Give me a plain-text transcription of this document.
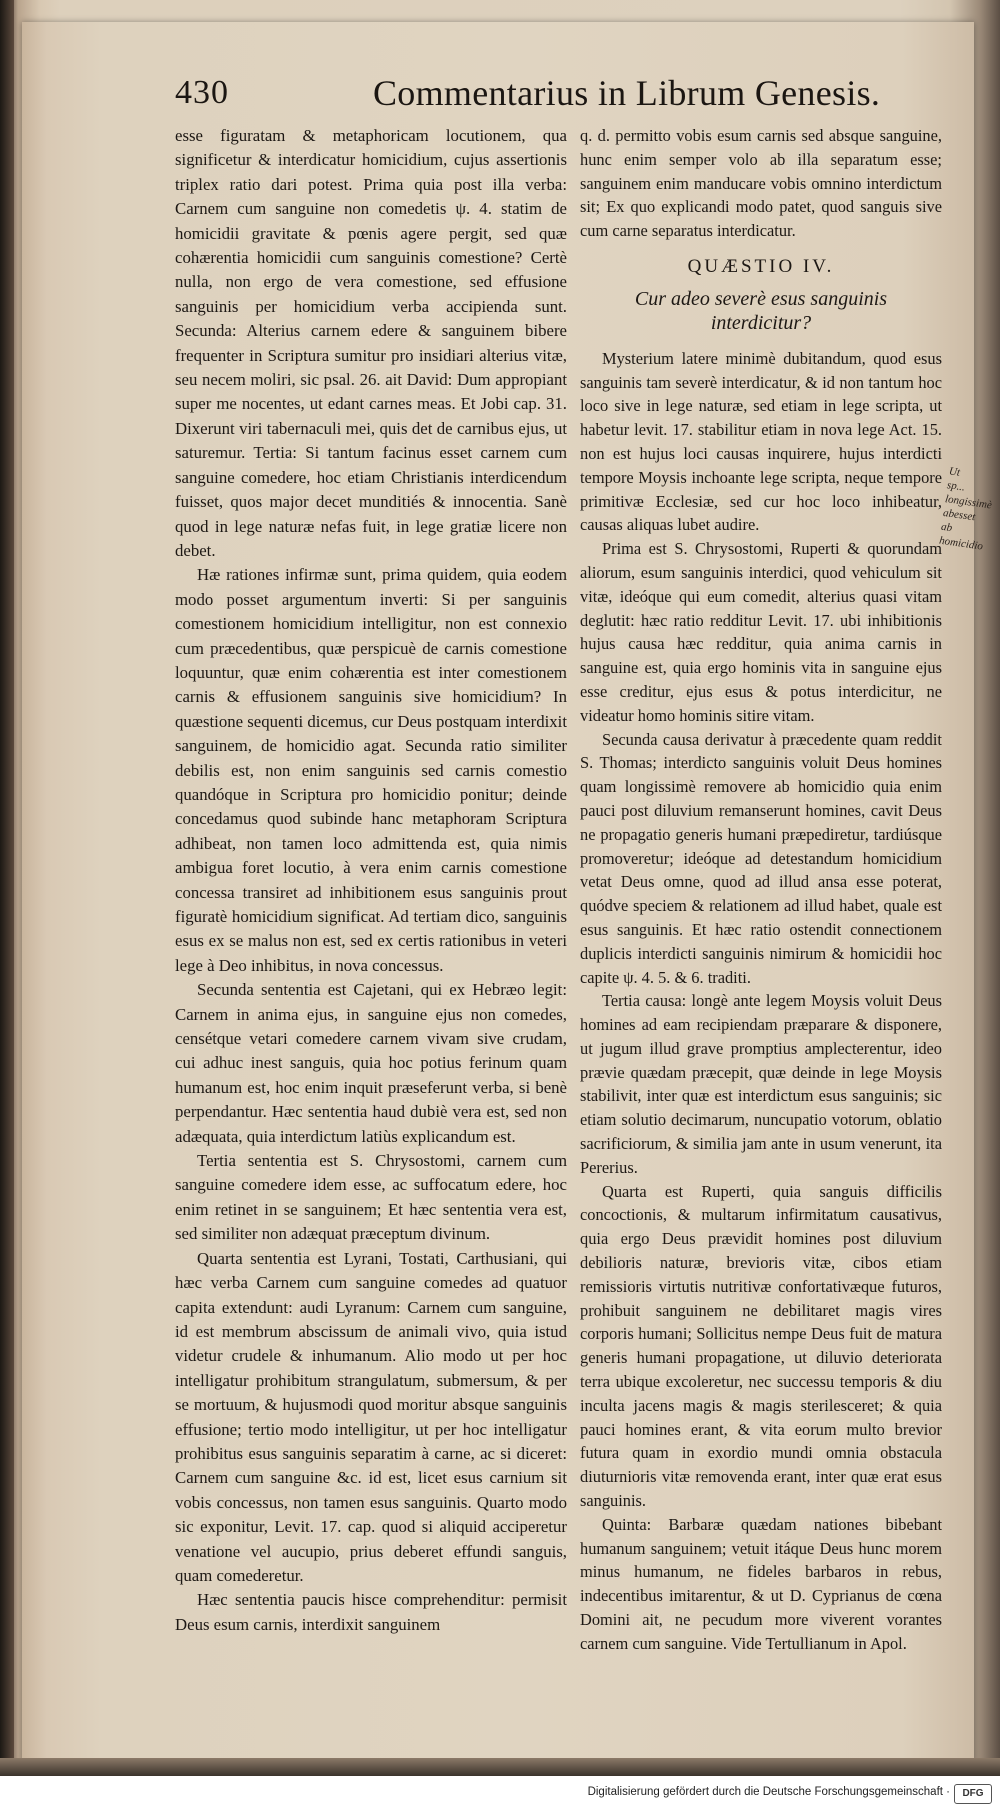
430	Commentarius in Librum Genesis.

esse figuratam & metaphoricam locutionem, qua significetur & interdicatur homicidium, cujus assertionis triplex ratio dari potest. Prima quia post illa verba: Carnem cum sanguine non comedetis ψ. 4. statim de homicidii gravitate & pœnis agere pergit, sed quæ cohærentia homicidii cum sanguinis comestione? Certè nulla, non ergo de vera comestione, sed effusione sanguinis per homicidium verba accipienda sunt. Secunda: Alterius carnem edere & sanguinem bibere frequenter in Scriptura sumitur pro insidiari alterius vitæ, seu necem moliri, sic psal. 26. ait David: Dum appropiant super me nocentes, ut edant carnes meas. Et Jobi cap. 31. Dixerunt viri tabernaculi mei, quis det de carnibus ejus, ut saturemur. Tertia: Si tantum facinus esset carnem cum sanguine comedere, hoc etiam Christianis interdicendum fuisset, quos major decet munditiés & innocentia. Sanè quod in lege naturæ nefas fuit, in lege gratiæ licere non debet.

Hæ rationes infirmæ sunt, prima quidem, quia eodem modo posset argumentum inverti: Si per sanguinis comestionem homicidium intelligitur, non est connexio cum præcedentibus, quæ perspicuè de carnis comestione loquuntur, quæ enim cohærentia est inter comestionem carnis & effusionem sanguinis sive homicidium? In quæstione sequenti dicemus, cur Deus postquam interdixit sanguinem, de homicidio agat. Secunda ratio similiter debilis est, non enim sanguinis sed carnis comestio quandóque in Scriptura pro homicidio ponitur; deinde concedamus quod subinde hanc metaphoram Scriptura adhibeat, non tamen loco admittenda est, quia nimis ambigua foret locutio, à vera enim carnis comestione concessa transiret ad inhibitionem esus sanguinis prout figuratè homicidium significat. Ad tertiam dico, sanguinis esus ex se malus non est, sed ex certis rationibus in veteri lege à Deo inhibitus, in nova concessus.

Secunda sententia est Cajetani, qui ex Hebræo legit: Carnem in anima ejus, in sanguine ejus non comedes, censétque vetari comedere carnem vivam sive crudam, cui adhuc inest sanguis, quia hoc potius ferinum quam humanum est, hoc enim inquit præseferunt verba, si benè perpendantur. Hæc sententia haud dubiè vera est, sed non adæquata, quia interdictum latiùs explicandum est.

Tertia sententia est S. Chrysostomi, carnem cum sanguine comedere idem esse, ac suffocatum edere, hoc enim retinet in se sanguinem; Et hæc sententia vera est, sed similiter non adæquat præceptum divinum.

Quarta sententia est Lyrani, Tostati, Carthusiani, qui hæc verba Carnem cum sanguine comedes ad quatuor capita extendunt: audi Lyranum: Carnem cum sanguine, id est membrum abscissum de animali vivo, quia istud videtur crudele & inhumanum. Alio modo ut per hoc intelligatur prohibitum strangulatum, submersum, & per se mortuum, & hujusmodi quod moritur absque sanguinis effusione; tertio modo intelligitur, ut per hoc intelligatur prohibitus esus sanguinis separatim à carne, ac si diceret: Carnem cum sanguine &c. id est, licet esus carnium sit vobis concessus, non tamen esus sanguinis. Quarto modo sic exponitur, Levit. 17. cap. quod si aliquid acciperetur venatione vel aucupio, prius deberet effundi sanguis, quam comederetur.

Hæc sententia paucis hisce comprehenditur: permisit Deus esum carnis, interdixit sanguinem

q. d. permitto vobis esum carnis sed absque sanguine, hunc enim semper volo ab illa separatum esse; sanguinem enim manducare vobis omnino interdictum sit; Ex quo explicandi modo patet, quod sanguis sive cum carne separatus interdicatur.

QUÆSTIO IV.
Cur adeo severè esus sanguinis interdicitur?

Mysterium latere minimè dubitandum, quod esus sanguinis tam severè interdicatur, & id non tantum hoc loco sive in lege naturæ, sed etiam in lege scripta, ut habetur levit. 17. stabilitur etiam in nova lege Act. 15. non est hujus loci causas inquirere, hujus interdicti tempore Moysis inchoante lege scripta, neque tempore primitivæ Ecclesiæ, sed cur hoc loco inhibeatur, causas aliquas lubet audire.

Prima est S. Chrysostomi, Ruperti & quorundam aliorum, esum sanguinis interdici, quod vehiculum sit vitæ, ideóque qui eum comedit, alterius quasi vitam deglutit: hæc ratio redditur Levit. 17. ubi inhibitionis hujus causa hæc redditur, quia anima carnis in sanguine est, quia ergo hominis vita in sanguine ejus esse creditur, ejus esus & potus interdicitur, ne videatur homo hominis sitire vitam.

Secunda causa derivatur à præcedente quam reddit S. Thomas; interdicto sanguinis voluit Deus homines quam longissimè removere ab homicidio quia enim pauci post diluvium remanserunt homines, cavit Deus ne propagatio generis humani præpediretur, tardiúsque promoveretur; ideóque ad detestandum homicidium vetat Deus omne, quod ad illud ansa esse poterat, quódve speciem & relationem ad illud habet, quale est esus sanguinis. Et hæc ratio ostendit connectionem duplicis interdicti sanguinis nimirum & homicidii hoc capite ψ. 4. 5. & 6. traditi.

Tertia causa: longè ante legem Moysis voluit Deus homines ad eam recipiendam præparare & disponere, ut jugum illud grave promptius amplecterentur, ideo prævie quædam præcepit, quæ deinde in lege Moysis stabilivit, inter quæ est interdictum esus sanguinis; sic etiam solutio decimarum, nuncupatio votorum, oblatio sacrificiorum, & similia jam ante in usum venerunt, ita Pererius.

Quarta est Ruperti, quia sanguis difficilis concoctionis, & multarum infirmitatum causativus, quia ergo Deus prævidit homines post diluvium debilioris naturæ, brevioris vitæ, cibos etiam remissioris virtutis nutritivæ confortativæque futuros, prohibuit sanguinem ne debilitaret magis vires corporis humani; Sollicitus nempe Deus fuit de matura generis humani propagatione, ut diluvio deteriorata terra ubique excoleretur, nec successu temporis & diu inculta jacens magis & magis sterilesceret; & quia pauci homines erant, & vita eorum multo brevior futura quam in exordio mundi omnia obstacula diuturnioris vitæ removenda erant, inter quæ erat esus sanguinis.

Quinta: Barbaræ quædam nationes bibebant humanum sanguinem; vetuit itáque Deus hunc morem minus humanum, ne fideles barbaros in rebus, indecentibus imitarentur, & ut D. Cyprianus de cœna Domini ait, ne pecudum more viverent vorantes carnem cum sanguine. Vide Tertullianum in Apol.

Ut sp... longissimè abesset ab homicidio
Digitalisierung gefördert durch die Deutsche Forschungsgemeinschaft ·	DFG
